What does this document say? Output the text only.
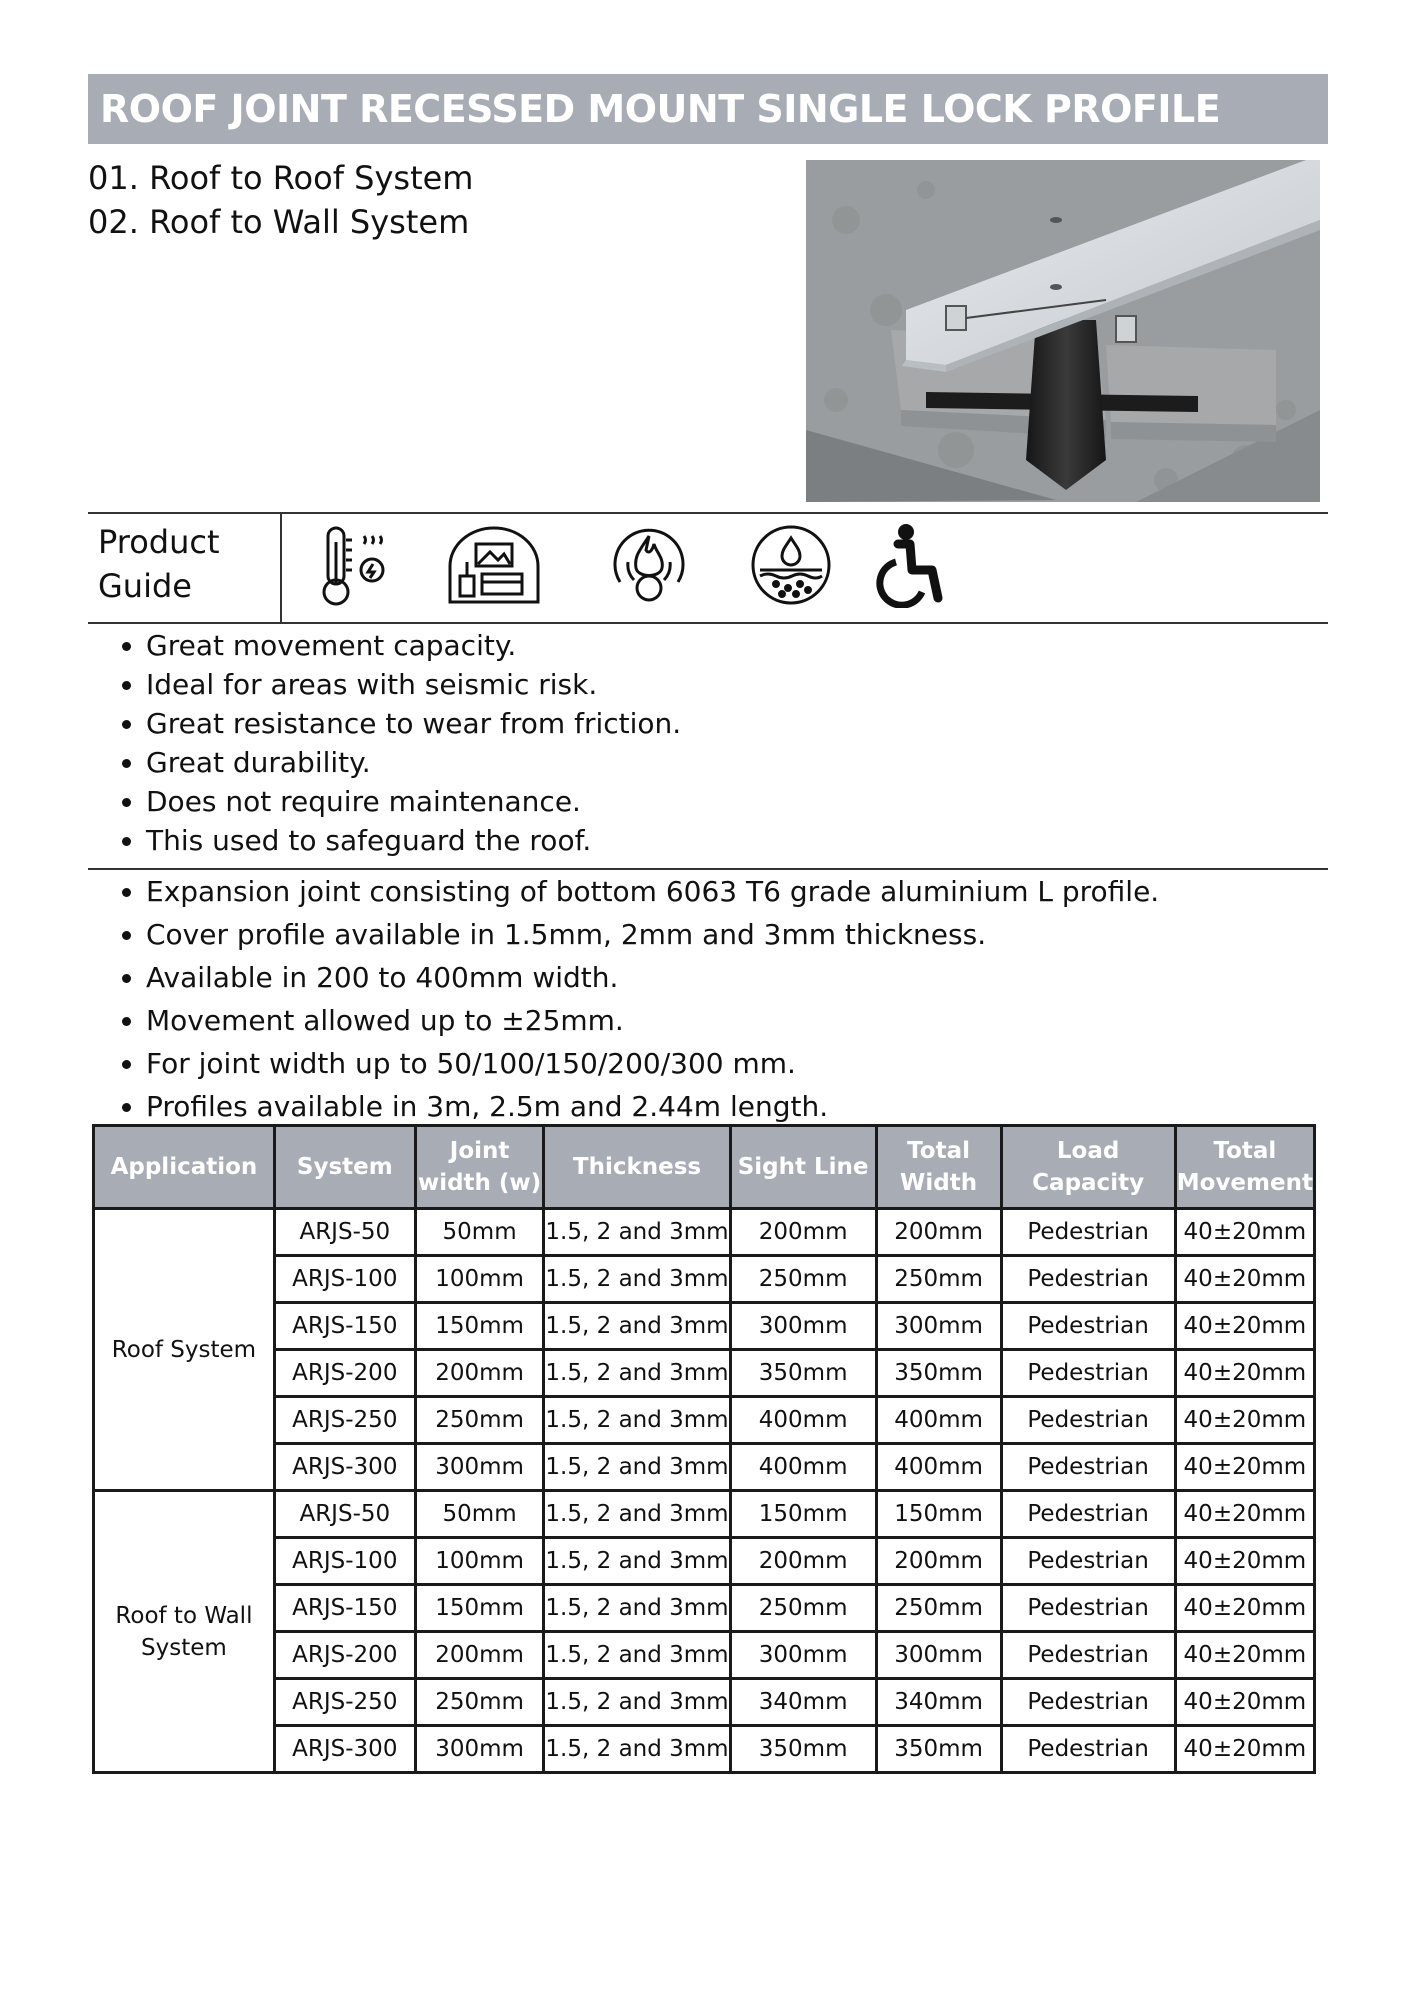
ROOF JOINT RECESSED MOUNT SINGLE LOCK PROFILE
01. Roof to Roof System
02. Roof to Wall System
Product
Guide
• Great movement capacity.
• Ideal for areas with seismic risk.
• Great resistance to wear from friction.
• Great durability.
• Does not require maintenance.
• This used to safeguard the roof.
• Expansion joint consisting of bottom 6063 T6 grade aluminium L profile.
• Cover profile available in 1.5mm, 2mm and 3mm thickness.
• Available in 200 to 400mm width.
• Movement allowed up to ±25mm.
• For joint width up to 50/100/150/200/300 mm.
• Profiles available in 3m, 2.5m and 2.44m length.
Application	System	Joint width (w)	Thickness	Sight Line	Total Width	Load Capacity	Total Movement
Roof System	ARJS-50	50mm	1.5, 2 and 3mm	200mm	200mm	Pedestrian	40±20mm
	ARJS-100	100mm	1.5, 2 and 3mm	250mm	250mm	Pedestrian	40±20mm
	ARJS-150	150mm	1.5, 2 and 3mm	300mm	300mm	Pedestrian	40±20mm
	ARJS-200	200mm	1.5, 2 and 3mm	350mm	350mm	Pedestrian	40±20mm
	ARJS-250	250mm	1.5, 2 and 3mm	400mm	400mm	Pedestrian	40±20mm
	ARJS-300	300mm	1.5, 2 and 3mm	400mm	400mm	Pedestrian	40±20mm
Roof to Wall System	ARJS-50	50mm	1.5, 2 and 3mm	150mm	150mm	Pedestrian	40±20mm
	ARJS-100	100mm	1.5, 2 and 3mm	200mm	200mm	Pedestrian	40±20mm
	ARJS-150	150mm	1.5, 2 and 3mm	250mm	250mm	Pedestrian	40±20mm
	ARJS-200	200mm	1.5, 2 and 3mm	300mm	300mm	Pedestrian	40±20mm
	ARJS-250	250mm	1.5, 2 and 3mm	340mm	340mm	Pedestrian	40±20mm
	ARJS-300	300mm	1.5, 2 and 3mm	350mm	350mm	Pedestrian	40±20mm
